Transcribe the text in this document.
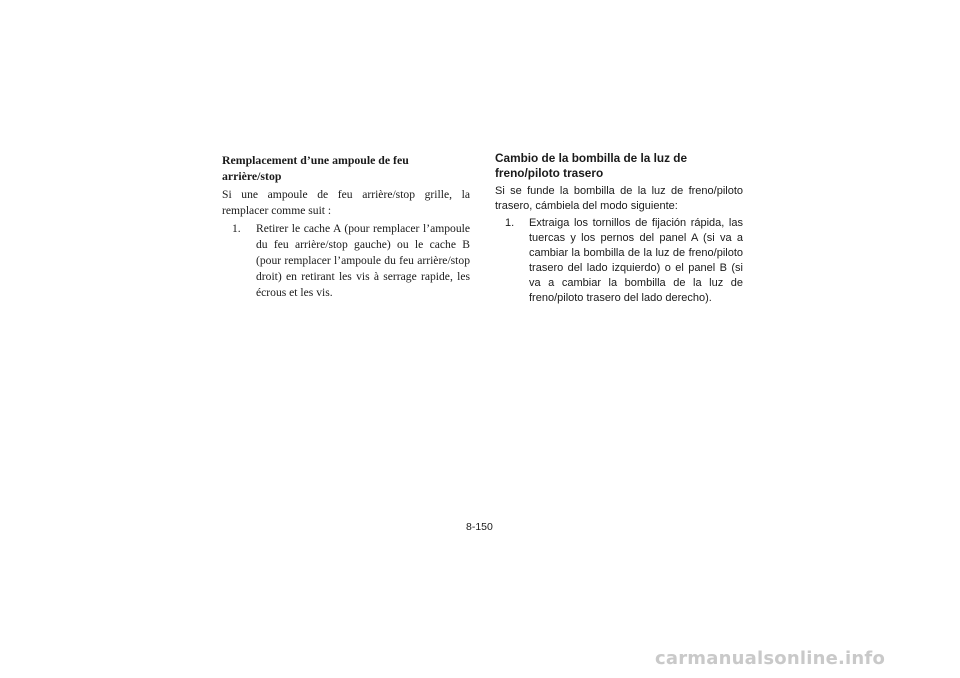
Remplacement d’une ampoule de feu arrière/stop

Si une ampoule de feu arrière/stop grille, la remplacer comme suit :

1.	Retirer le cache A (pour remplacer l’ampoule du feu arrière/stop gauche) ou le cache B (pour remplacer l’ampoule du feu arrière/stop droit) en retirant les vis à serrage rapide, les écrous et les vis.
Cambio de la bombilla de la luz de freno/piloto trasero

Si se funde la bombilla de la luz de freno/piloto trasero, cámbiela del modo siguiente:

1.	Extraiga los tornillos de fijación rápida, las tuercas y los pernos del panel A (si va a cambiar la bombilla de la luz de freno/piloto trasero del lado izquierdo) o el panel B (si va a cambiar la bombilla de la luz de freno/piloto trasero del lado derecho).
8-150
carmanualsonline.info
